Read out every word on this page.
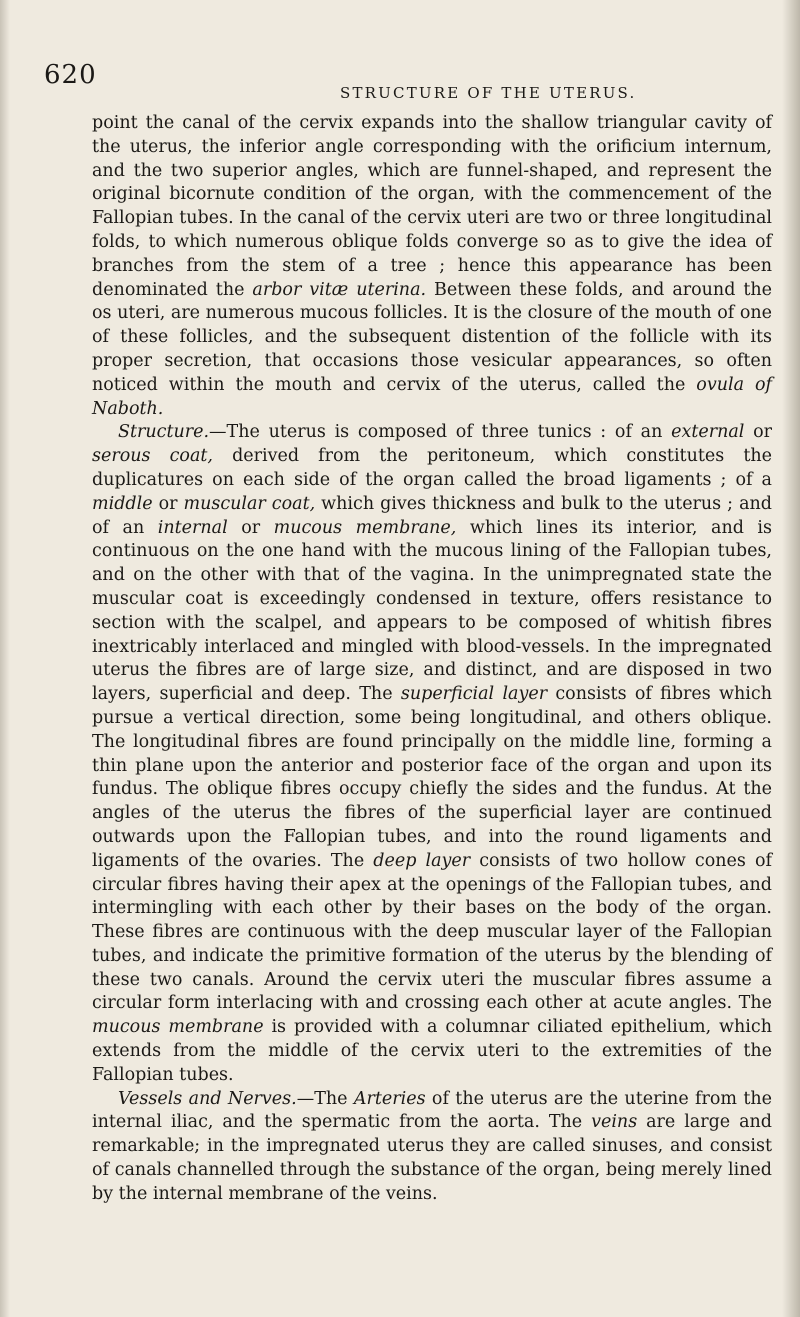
620
STRUCTURE OF THE UTERUS.

point the canal of the cervix expands into the shallow triangular cavity of the uterus, the inferior angle corresponding with the orificium internum, and the two superior angles, which are funnel-shaped, and represent the original bicornute condition of the organ, with the commencement of the Fallopian tubes. In the canal of the cervix uteri are two or three longitudinal folds, to which numerous oblique folds converge so as to give the idea of branches from the stem of a tree ; hence this appearance has been denominated the arbor vitæ uterina. Between these folds, and around the os uteri, are numerous mucous follicles. It is the closure of the mouth of one of these follicles, and the subsequent distention of the follicle with its proper secretion, that occasions those vesicular appearances, so often noticed within the mouth and cervix of the uterus, called the ovula of Naboth.

Structure.—The uterus is composed of three tunics : of an external or serous coat, derived from the peritoneum, which constitutes the duplicatures on each side of the organ called the broad ligaments ; of a middle or muscular coat, which gives thickness and bulk to the uterus ; and of an internal or mucous membrane, which lines its interior, and is continuous on the one hand with the mucous lining of the Fallopian tubes, and on the other with that of the vagina. In the unimpregnated state the muscular coat is exceedingly condensed in texture, offers resistance to section with the scalpel, and appears to be composed of whitish fibres inextricably interlaced and mingled with blood-vessels. In the impregnated uterus the fibres are of large size, and distinct, and are disposed in two layers, superficial and deep. The superficial layer consists of fibres which pursue a vertical direction, some being longitudinal, and others oblique. The longitudinal fibres are found principally on the middle line, forming a thin plane upon the anterior and posterior face of the organ and upon its fundus. The oblique fibres occupy chiefly the sides and the fundus. At the angles of the uterus the fibres of the superficial layer are continued outwards upon the Fallopian tubes, and into the round ligaments and ligaments of the ovaries. The deep layer consists of two hollow cones of circular fibres having their apex at the openings of the Fallopian tubes, and intermingling with each other by their bases on the body of the organ. These fibres are continuous with the deep muscular layer of the Fallopian tubes, and indicate the primitive formation of the uterus by the blending of these two canals. Around the cervix uteri the muscular fibres assume a circular form interlacing with and crossing each other at acute angles. The mucous membrane is provided with a columnar ciliated epithelium, which extends from the middle of the cervix uteri to the extremities of the Fallopian tubes.

Vessels and Nerves.—The Arteries of the uterus are the uterine from the internal iliac, and the spermatic from the aorta. The veins are large and remarkable; in the impregnated uterus they are called sinuses, and consist of canals channelled through the substance of the organ, being merely lined by the internal membrane of the veins.
